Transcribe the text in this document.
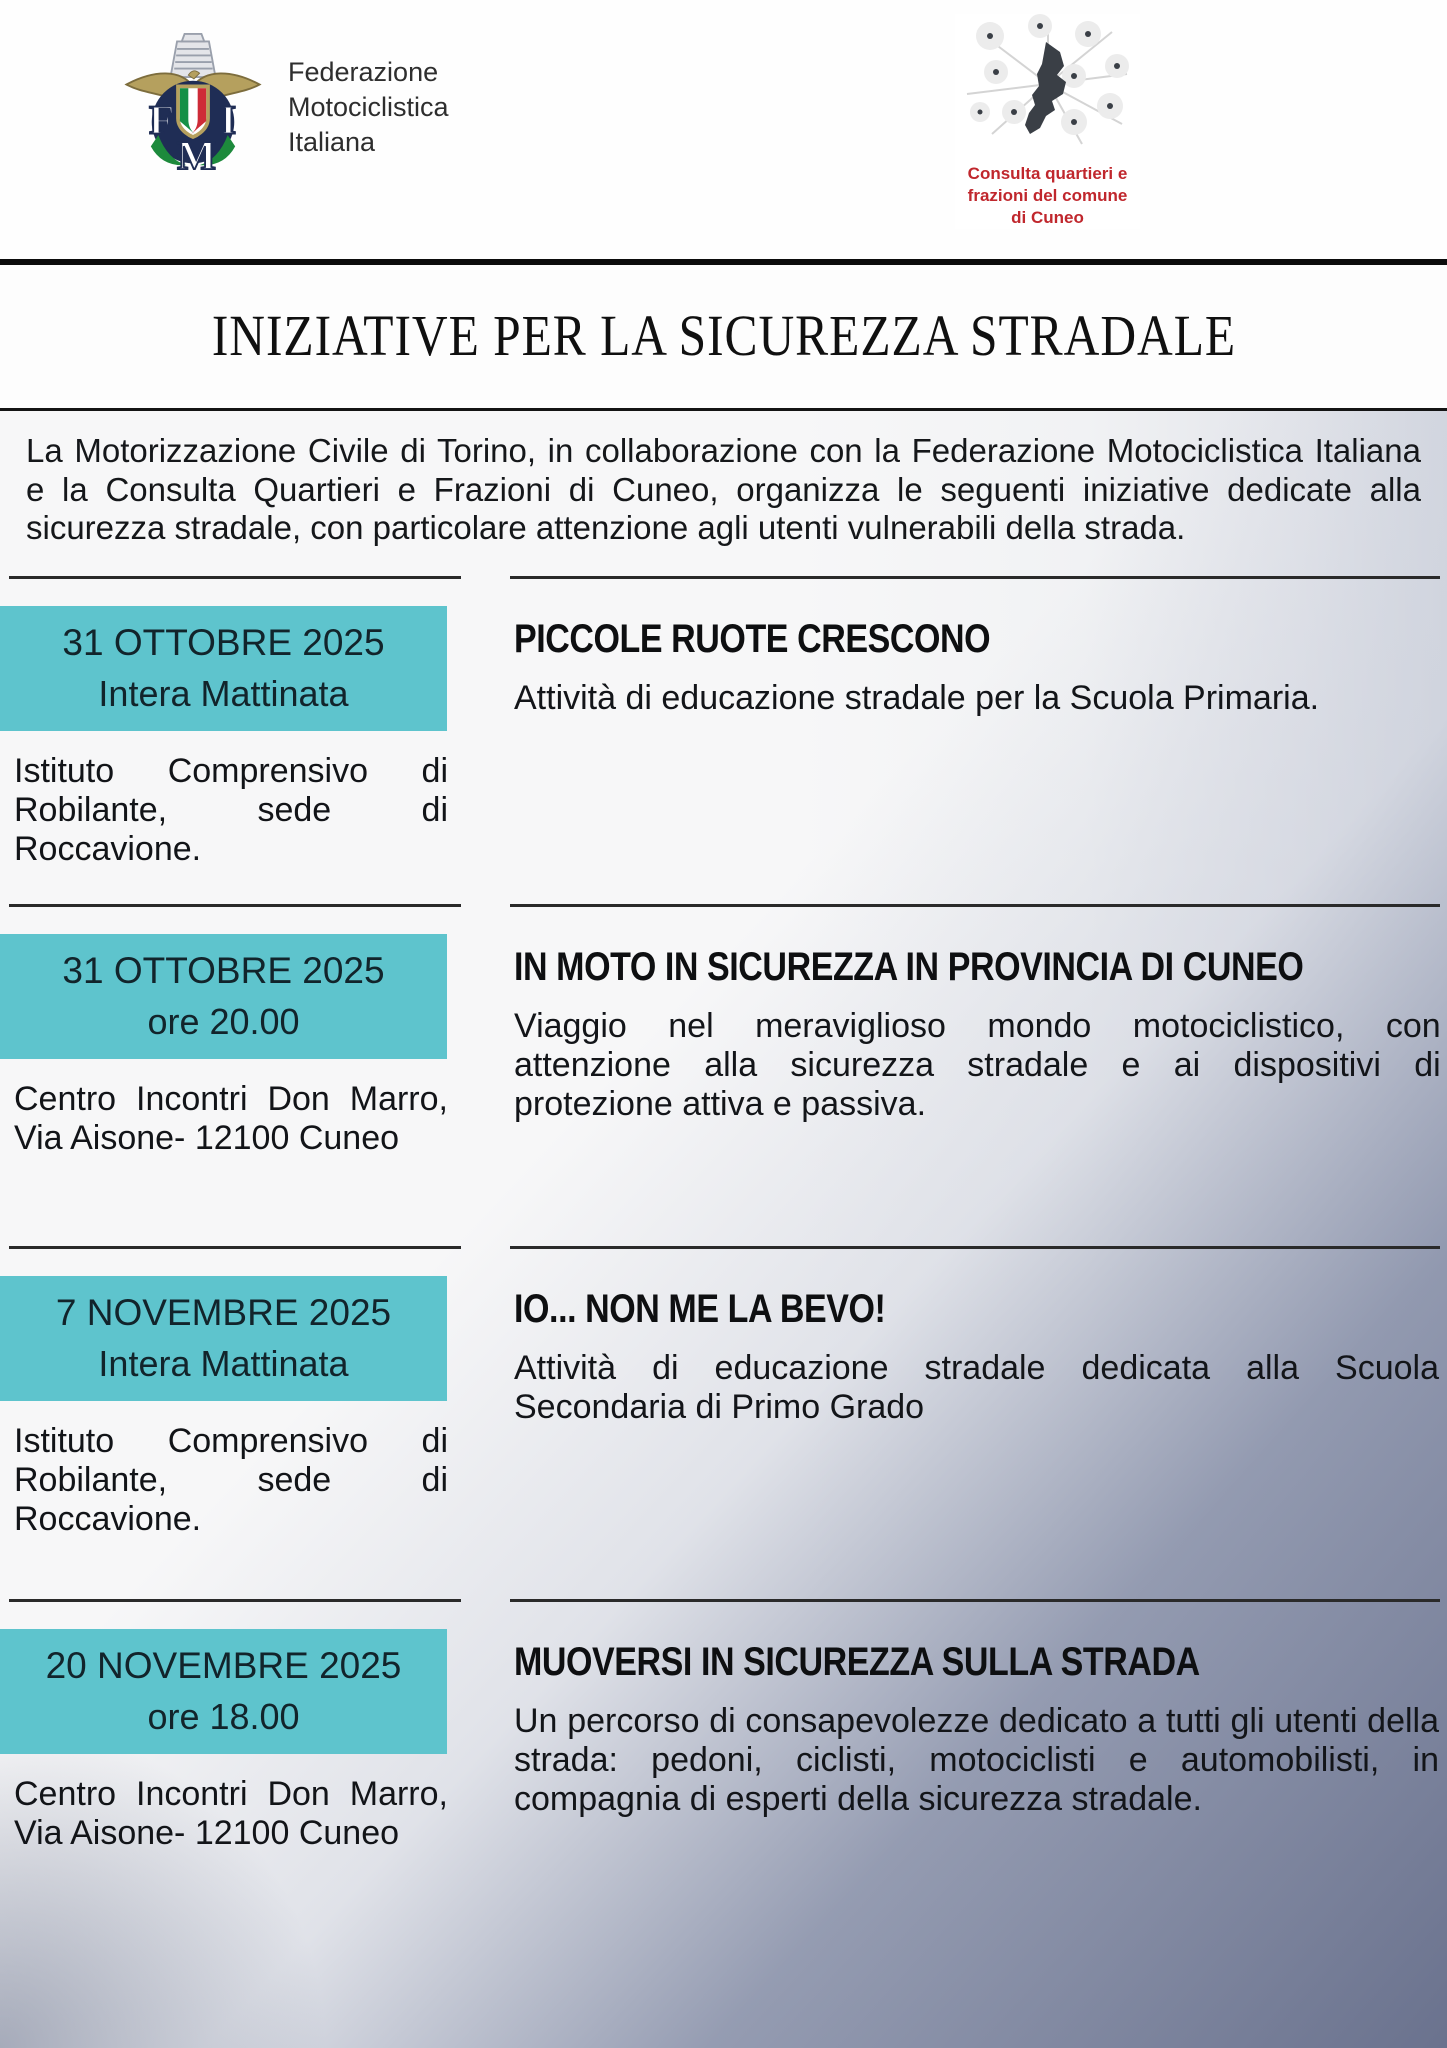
F
M
I
Federazione
Motociclistica
Italiana
Consulta quartieri e
frazioni del comune
di Cuneo
INIZIATIVE PER LA SICUREZZA STRADALE

La Motorizzazione Civile di Torino, in collaborazione con la Federazione Motociclistica Italiana e la Consulta Quartieri e Frazioni di Cuneo, organizza le seguenti iniziative dedicate alla sicurezza stradale, con particolare attenzione agli utenti vulnerabili della strada.

31 OTTOBRE 2025
Intera Mattinata

Istituto Comprensivo di Robilante, sede di Roccavione.

PICCOLE RUOTE CRESCONO

Attività di educazione stradale per la Scuola Primaria.

31 OTTOBRE 2025
ore 20.00

Centro Incontri Don Marro, Via Aisone- 12100 Cuneo

IN MOTO IN SICUREZZA IN PROVINCIA DI CUNEO

Viaggio nel meraviglioso mondo motociclistico, con attenzione alla sicurezza stradale e ai dispositivi di protezione attiva e passiva.

7 NOVEMBRE 2025
Intera Mattinata

Istituto Comprensivo di Robilante, sede di Roccavione.

IO... NON ME LA BEVO!

Attività di educazione stradale dedicata alla Scuola Secondaria di Primo Grado

20 NOVEMBRE 2025
ore 18.00

Centro Incontri Don Marro, Via Aisone- 12100 Cuneo

MUOVERSI IN SICUREZZA SULLA STRADA

Un percorso di consapevolezze dedicato a tutti gli utenti della strada: pedoni, ciclisti, motociclisti e automobilisti, in compagnia di esperti della sicurezza stradale.
